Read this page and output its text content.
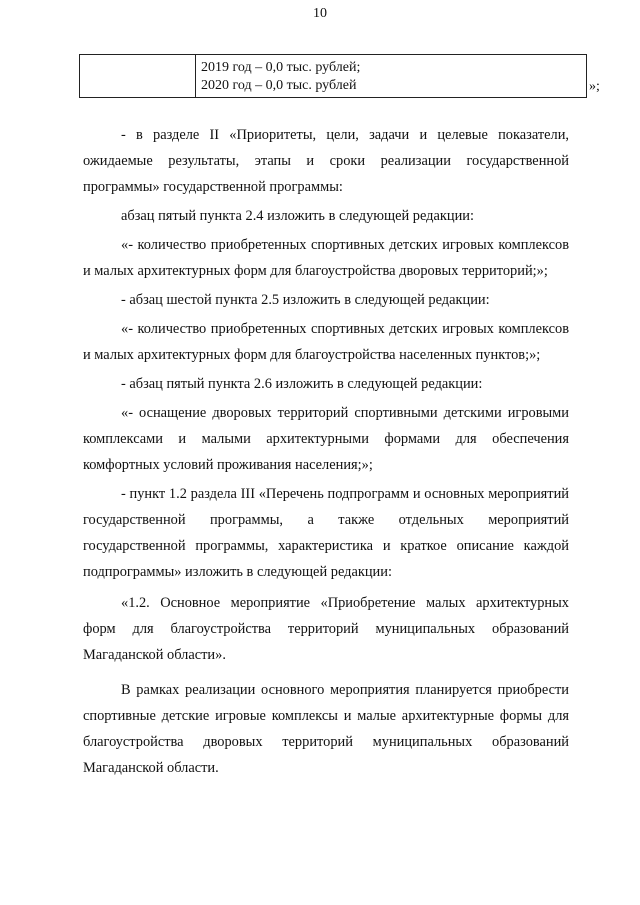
10
2019 год – 0,0 тыс. рублей;
2020 год – 0,0 тыс. рублей	»;

- в разделе II «Приоритеты, цели, задачи и целевые показатели, ожидаемые результаты, этапы и сроки реализации государственной программы» государственной программы:

абзац пятый пункта 2.4 изложить в следующей редакции:

«- количество приобретенных спортивных детских игровых комплексов и малых архитектурных форм для благоустройства дворовых территорий;»;

- абзац шестой пункта 2.5 изложить в следующей редакции:

«- количество приобретенных спортивных детских игровых комплексов и малых архитектурных форм для благоустройства населенных пунктов;»;

- абзац пятый пункта 2.6 изложить в следующей редакции:

«- оснащение дворовых территорий спортивными детскими игровыми комплексами и малыми архитектурными формами для обеспечения комфортных условий проживания населения;»;

- пункт 1.2 раздела III «Перечень подпрограмм и основных мероприятий государственной программы, а также отдельных мероприятий государственной программы, характеристика и краткое описание каждой подпрограммы» изложить в следующей редакции:

«1.2. Основное мероприятие «Приобретение малых архитектурных форм для благоустройства территорий муниципальных образований Магаданской области».

В рамках реализации основного мероприятия планируется приобрести спортивные детские игровые комплексы и малые архитектурные формы для благоустройства дворовых территорий муниципальных образований Магаданской области.
